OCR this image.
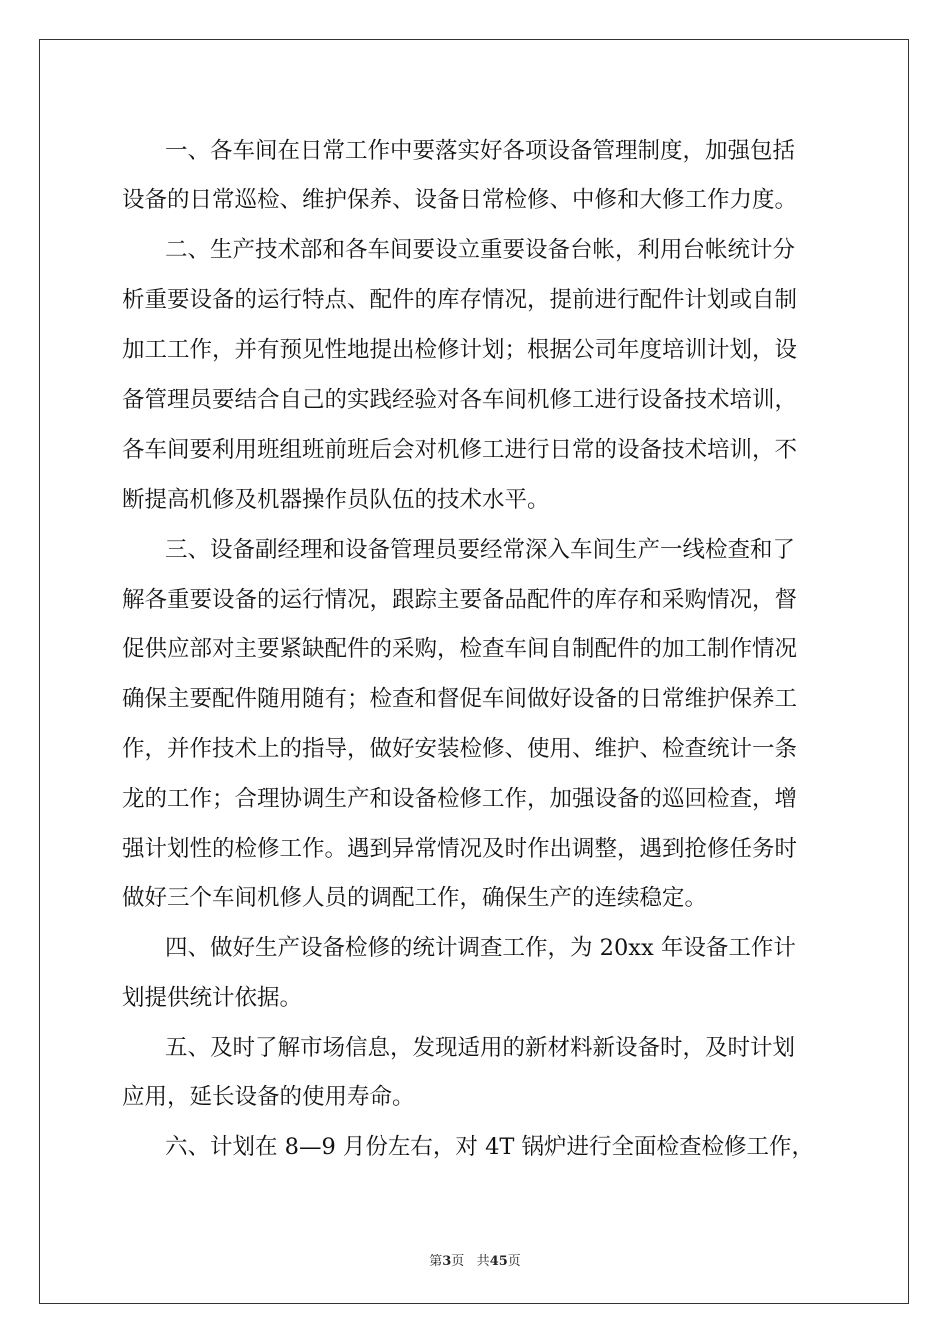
一、各车间在日常工作中要落实好各项设备管理制度，加强包括
设备的日常巡检、维护保养、设备日常检修、中修和大修工作力度。
二、生产技术部和各车间要设立重要设备台帐，利用台帐统计分
析重要设备的运行特点、配件的库存情况，提前进行配件计划或自制
加工工作，并有预见性地提出检修计划；根据公司年度培训计划，设
备管理员要结合自己的实践经验对各车间机修工进行设备技术培训，
各车间要利用班组班前班后会对机修工进行日常的设备技术培训，不
断提高机修及机器操作员队伍的技术水平。
三、设备副经理和设备管理员要经常深入车间生产一线检查和了
解各重要设备的运行情况，跟踪主要备品配件的库存和采购情况，督
促供应部对主要紧缺配件的采购，检查车间自制配件的加工制作情况
确保主要配件随用随有；检查和督促车间做好设备的日常维护保养工
作，并作技术上的指导，做好安装检修、使用、维护、检查统计一条
龙的工作；合理协调生产和设备检修工作，加强设备的巡回检查，增
强计划性的检修工作。遇到异常情况及时作出调整，遇到抢修任务时
做好三个车间机修人员的调配工作，确保生产的连续稳定。
四、做好生产设备检修的统计调查工作，为 20xx 年设备工作计
划提供统计依据。
五、及时了解市场信息，发现适用的新材料新设备时，及时计划
应用，延长设备的使用寿命。
六、计划在 8—9 月份左右，对 4T 锅炉进行全面检查检修工作，
第3页 共45页
